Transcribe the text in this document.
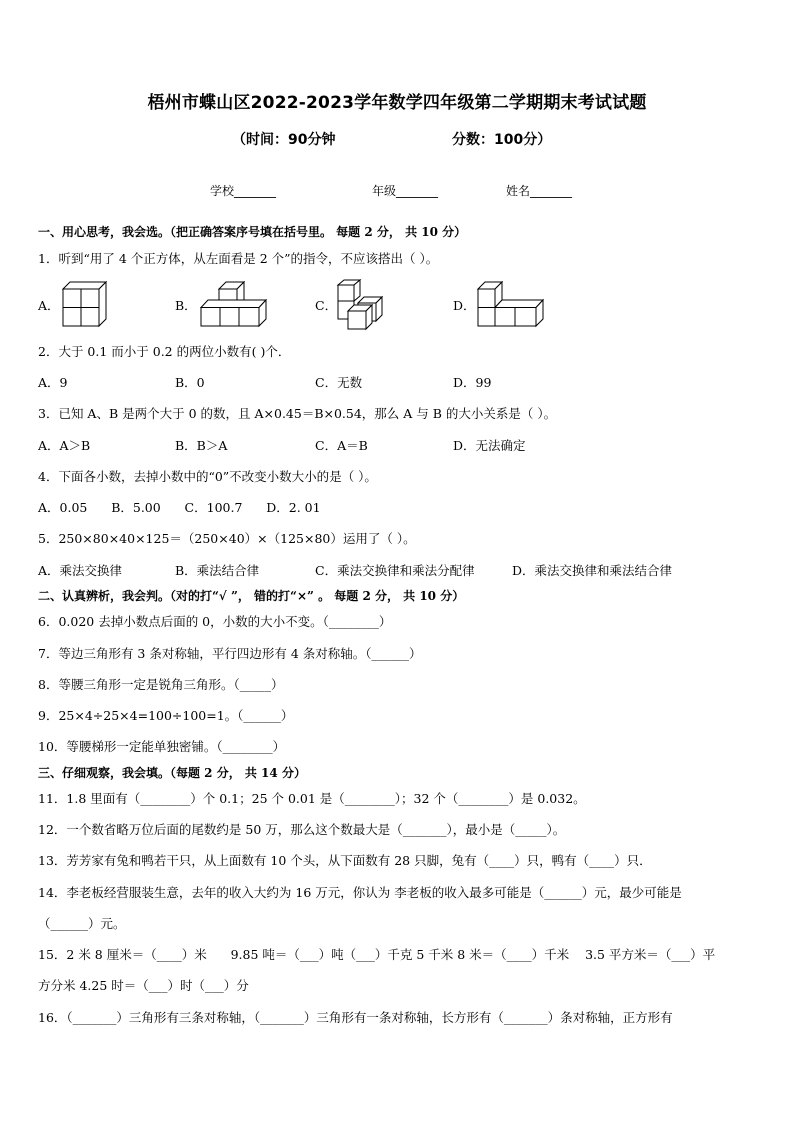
梧州市蝶山区2022-2023学年数学四年级第二学期期末考试试题
（时间：90分钟	分数：100分）
学校_______	年级_______	姓名_______
一、用心思考，我会选。（把正确答案序号填在括号里。 每题 2 分， 共 10 分）
1．听到“用了 4 个正方体，从左面看是 2 个”的指令，不应该搭出（ ）。
A．	B．	C．	D．
2．大于 0.1 而小于 0.2 的两位小数有( )个．
A．9	B．0	C．无数	D．99
3．已知 A、B 是两个大于 0 的数，且 A×0.45＝B×0.54，那么 A 与 B 的大小关系是（ ）。
A．A＞B	B．B＞A	C．A＝B	D．无法确定
4．下面各小数，去掉小数中的“0”不改变小数大小的是（ ）。
A．0.05      B．5.00      C．100.7      D．2. 01
5．250×80×40×125＝（250×40）×（125×80）运用了（ ）。
A．乘法交换律	B．乘法结合律	C．乘法交换律和乘法分配律	D．乘法交换律和乘法结合律
二、认真辨析，我会判。（对的打“√ ”， 错的打“×” 。 每题 2 分， 共 10 分）
6．0.020 去掉小数点后面的 0，小数的大小不变。（________）
7．等边三角形有 3 条对称轴，平行四边形有 4 条对称轴。（______）
8．等腰三角形一定是锐角三角形。（_____）
9．25×4÷25×4=100÷100=1。（______）
10．等腰梯形一定能单独密铺。（________）
三、仔细观察，我会填。（每题 2 分， 共 14 分）
11．1.8 里面有（________）个 0.1；25 个 0.01 是（________）；32 个（________）是 0.032。
12．一个数省略万位后面的尾数约是 50 万，那么这个数最大是（_______），最小是（_____）。
13．芳芳家有兔和鸭若干只，从上面数有 10 个头，从下面数有 28 只脚，兔有（____）只，鸭有（____）只．
14．李老板经营服装生意，去年的收入大约为 16 万元，你认为 李老板的收入最多可能是（______）元，最少可能是
（______）元。
15．2 米 8 厘米＝（____）米      9.85 吨＝（___）吨（___）千克 5 千米 8 米＝（____）千米    3.5 平方米＝（___）平
方分米 4.25 时＝（___）时（___）分
16．（_______）三角形有三条对称轴，（_______）三角形有一条对称轴，长方形有（_______）条对称轴，正方形有
